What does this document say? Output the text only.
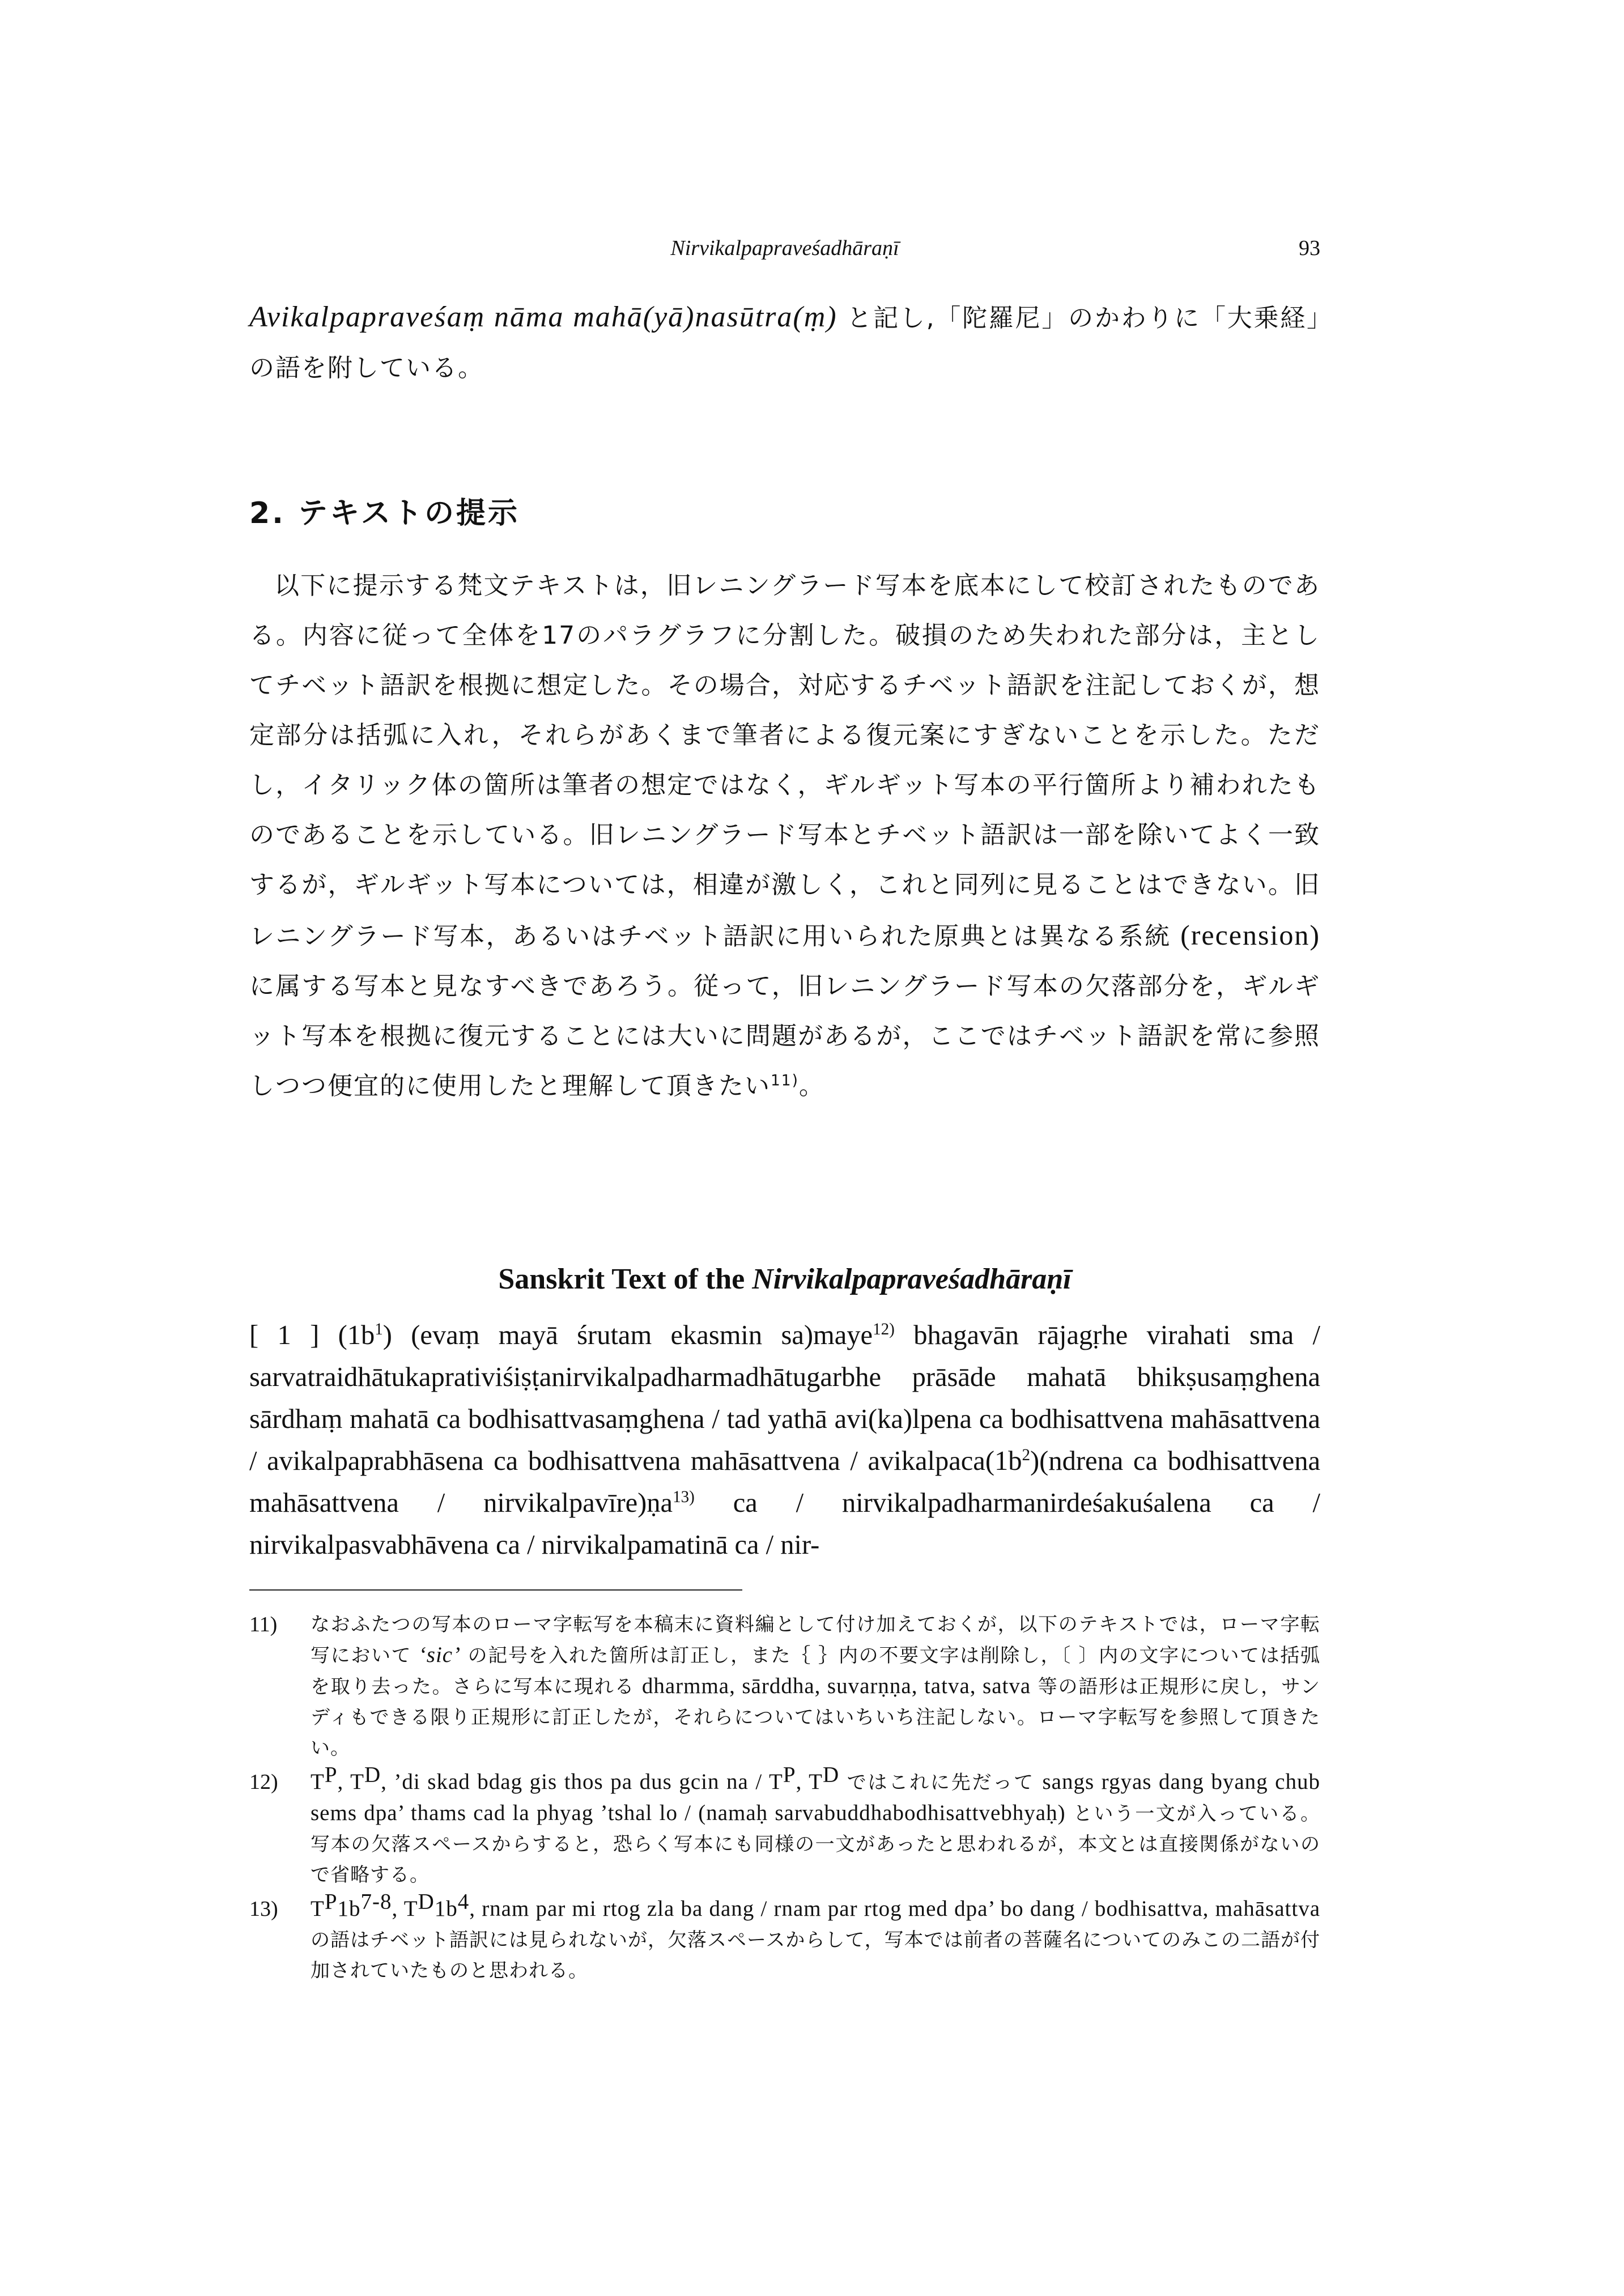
Nirvikalpapraveśadhāraṇī	93

Avikalpapraveśaṃ nāma mahā(yā)nasūtra(ṃ) と記し,「陀羅尼」のかわりに「大乗経」の語を附している。

2. テキストの提示

以下に提示する梵文テキストは，旧レニングラード写本を底本にして校訂されたものである。内容に従って全体を17のパラグラフに分割した。破損のため失われた部分は，主としてチベット語訳を根拠に想定した。その場合，対応するチベット語訳を注記しておくが，想定部分は括弧に入れ，それらがあくまで筆者による復元案にすぎないことを示した。ただし，イタリック体の箇所は筆者の想定ではなく，ギルギット写本の平行箇所より補われたものであることを示している。旧レニングラード写本とチベット語訳は一部を除いてよく一致するが，ギルギット写本については，相違が激しく，これと同列に見ることはできない。旧レニングラード写本，あるいはチベット語訳に用いられた原典とは異なる系統 (recension) に属する写本と見なすべきであろう。従って，旧レニングラード写本の欠落部分を，ギルギット写本を根拠に復元することには大いに問題があるが，ここではチベット語訳を常に参照しつつ便宜的に使用したと理解して頂きたい$^{11)}$。

Sanskrit Text of the Nirvikalpapraveśadhāraṇī

[ 1 ] $(1b^1)$ (evaṃ mayā śrutam ekasmin sa)maye$^{12)}$ bhagavān rājagṛhe virahati sma / sarvatraidhātukaprativiśiṣṭanirvikalpadharmadhātugarbhe prāsāde mahatā bhikṣusaṃghena sārdhaṃ mahatā ca bodhisattvasaṃghena / tad yathā avi(ka)lpena ca bodhisattvena mahāsattvena / avikalpaprabhāsena ca bodhisattvena mahāsattvena / $avikalpaca(1b^2)(ndrena$ ca bodhisattvena mahāsattvena / nirvikalpavīre)ṇa$^{13)}$ ca / nirvikalpadharmanirdeśakuśalena ca / nirvikalpasvabhāvena ca / nirvikalpamatinā ca / nir-

11)	なおふたつの写本のローマ字転写を本稿末に資料編として付け加えておくが，以下のテキストでは，ローマ字転写において ‘sic’ の記号を入れた箇所は訂正し，また｛ ｝内の不要文字は削除し，〔 〕内の文字については括弧を取り去った。さらに写本に現れる dharmma, sārddha, suvarṇṇa, tatva, satva 等の語形は正規形に戻し，サンディもできる限り正規形に訂正したが，それらについてはいちいち注記しない。ローマ字転写を参照して頂きたい。
12)	$T^P$, $T^D$, ’di skad bdag gis thos pa dus gcin na / $T^P$, $T^D$ ではこれに先だって sangs rgyas dang byang chub sems dpa’ thams cad la phyag ’tshal lo / (namaḥ sarvabuddhabodhisattvebhyaḥ) という一文が入っている。写本の欠落スペースからすると，恐らく写本にも同様の一文があったと思われるが，本文とは直接関係がないので省略する。
13)	$T^P1b^{7-8}$, $T^D1b^4$, rnam par mi rtog zla ba dang / rnam par rtog med dpa’ bo dang / bodhisattva, mahāsattva の語はチベット語訳には見られないが，欠落スペースからして，写本では前者の菩薩名についてのみこの二語が付加されていたものと思われる。
